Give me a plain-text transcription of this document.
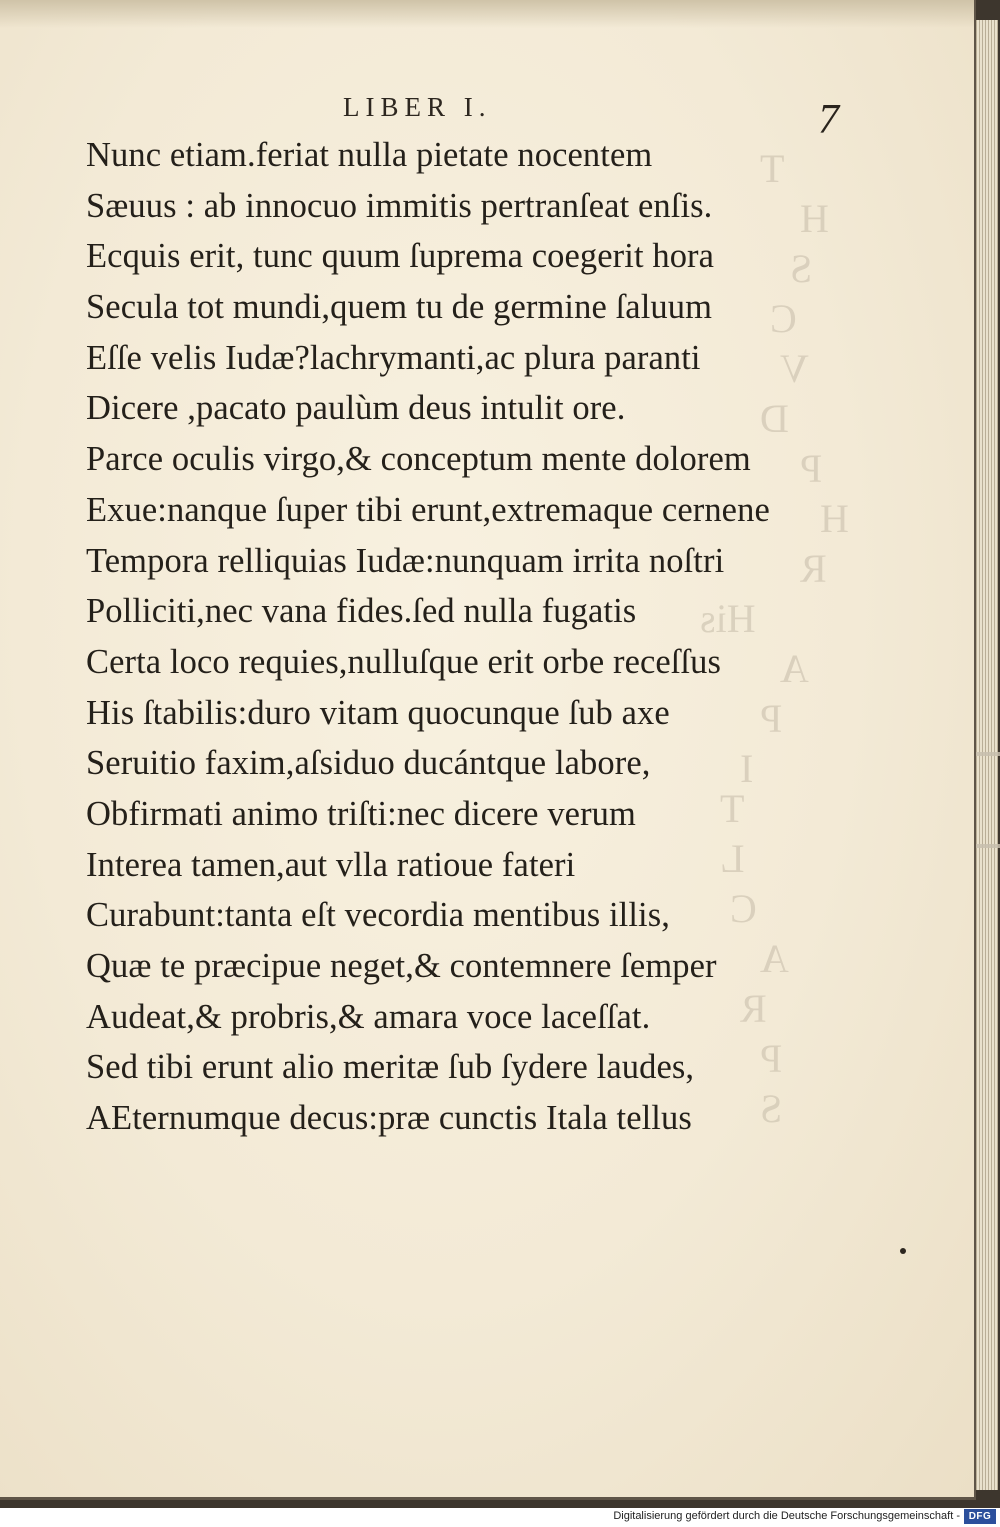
T
H
S
C
V
D
P
H
R
His
A
P
I
T
L
C
A
R
P
S
LIBER I.	7
Nunc etiam.feriat nulla pietate nocentem
Sæuus : ab innocuo immitis pertranſeat enſis.
Ecquis erit, tunc quum ſuprema coegerit hora
Secula tot mundi,quem tu de germine ſaluum
Eſſe velis Iudæ?lachrymanti,ac plura paranti
Dicere ,pacato paulùm deus intulit ore.
Parce oculis virgo,& conceptum mente dolorem
Exue:nanque ſuper tibi erunt,extremaque cernene
Tempora relliquias Iudæ:nunquam irrita noſtri
Polliciti,nec vana fides.ſed nulla fugatis
Certa loco requies,nulluſque erit orbe receſſus
His ſtabilis:duro vitam quocunque ſub axe
Seruitio faxim,aſsiduo ducántque labore,
Obfirmati animo triſti:nec dicere verum
Interea tamen,aut vlla ratioue fateri
Curabunt:tanta eſt vecordia mentibus illis,
Quæ te præcipue neget,& contemnere ſemper
Audeat,& probris,& amara voce laceſſat.
Sed tibi erunt alio meritæ ſub ſydere laudes,
AEternumque decus:præ cunctis Itala tellus
Digitalisierung gefördert durch die Deutsche Forschungsgemeinschaft - DFG
